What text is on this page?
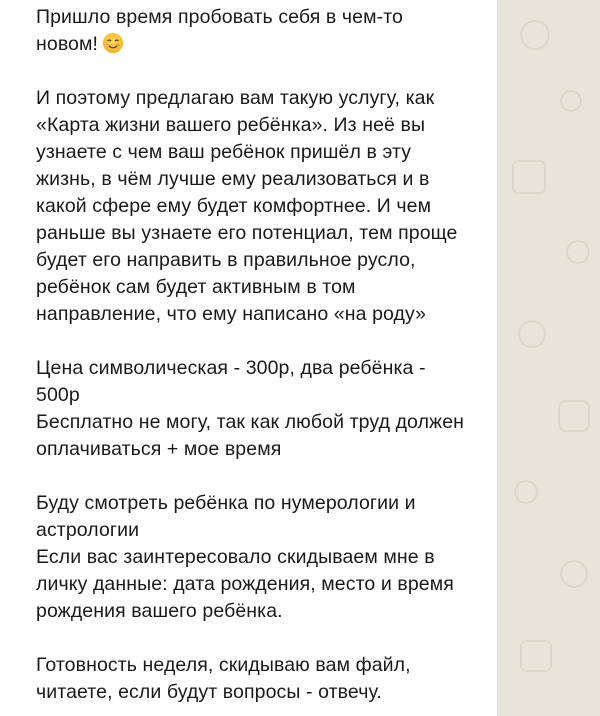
Пришло время пробовать себя в чем-то
новом!
И поэтому предлагаю вам такую услугу, как
«Карта жизни вашего ребёнка». Из неё вы
узнаете с чем ваш ребёнок пришёл в эту
жизнь, в чём лучше ему реализоваться и в
какой сфере ему будет комфортнее. И чем
раньше вы узнаете его потенциал, тем проще
будет его направить в правильное русло,
ребёнок сам будет активным в том
направление, что ему написано «на роду»
Цена символическая - 300р, два ребёнка -
500р
Бесплатно не могу, так как любой труд должен
оплачиваться + мое время
Буду смотреть ребёнка по нумерологии и
астрологии
Если вас заинтересовало скидываем мне в
личку данные: дата рождения, место и время
рождения вашего ребёнка.
Готовность неделя, скидываю вам файл,
читаете, если будут вопросы - отвечу.
